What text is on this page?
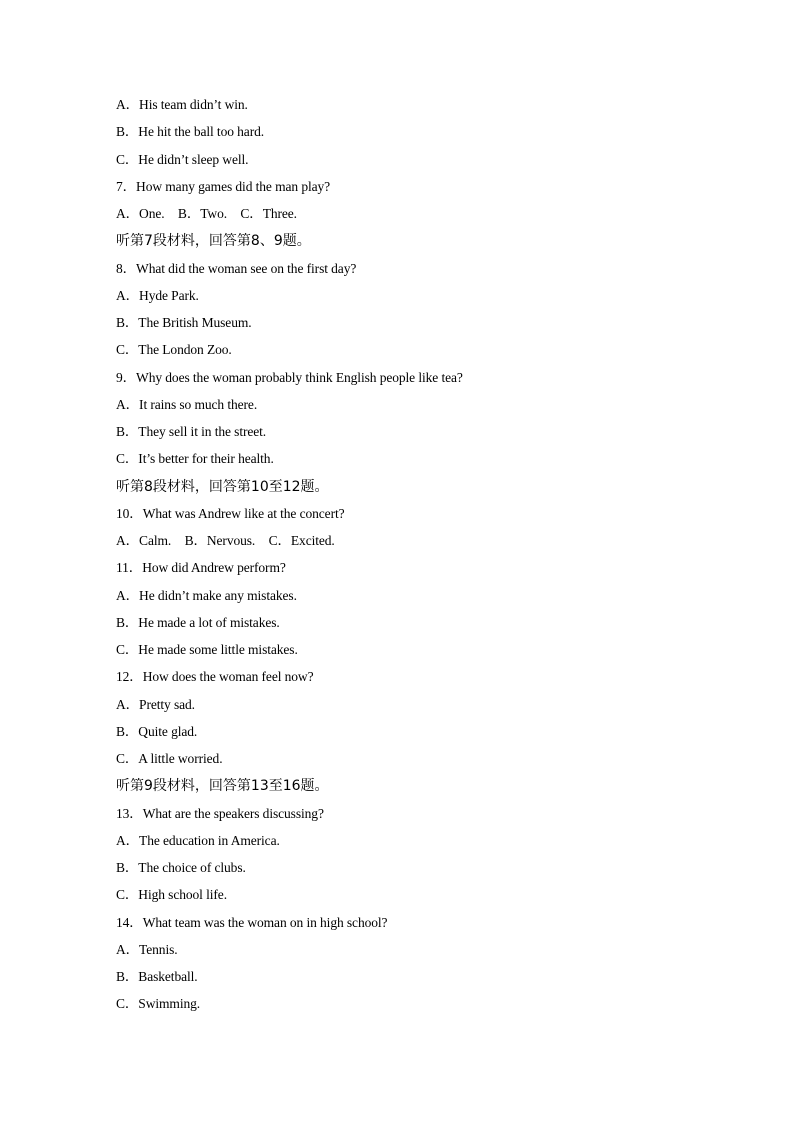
A．His team didn’t win.
B．He hit the ball too hard.
C．He didn’t sleep well.
7．How many games did the man play?
A．One.　B．Two.　C．Three.
听第7段材料，回答第8、9题。
8．What did the woman see on the first day?
A．Hyde Park.
B．The British Museum.
C．The London Zoo.
9．Why does the woman probably think English people like tea?
A．It rains so much there.
B．They sell it in the street.
C．It’s better for their health.
听第8段材料，回答第10至12题。
10．What was Andrew like at the concert?
A．Calm.　B．Nervous.　C．Excited.
11．How did Andrew perform?
A．He didn’t make any mistakes.
B．He made a lot of mistakes.
C．He made some little mistakes.
12．How does the woman feel now?
A．Pretty sad.
B．Quite glad.
C．A little worried.
听第9段材料，回答第13至16题。
13．What are the speakers discussing?
A．The education in America.
B．The choice of clubs.
C．High school life.
14．What team was the woman on in high school?
A．Tennis.
B．Basketball.
C．Swimming.
